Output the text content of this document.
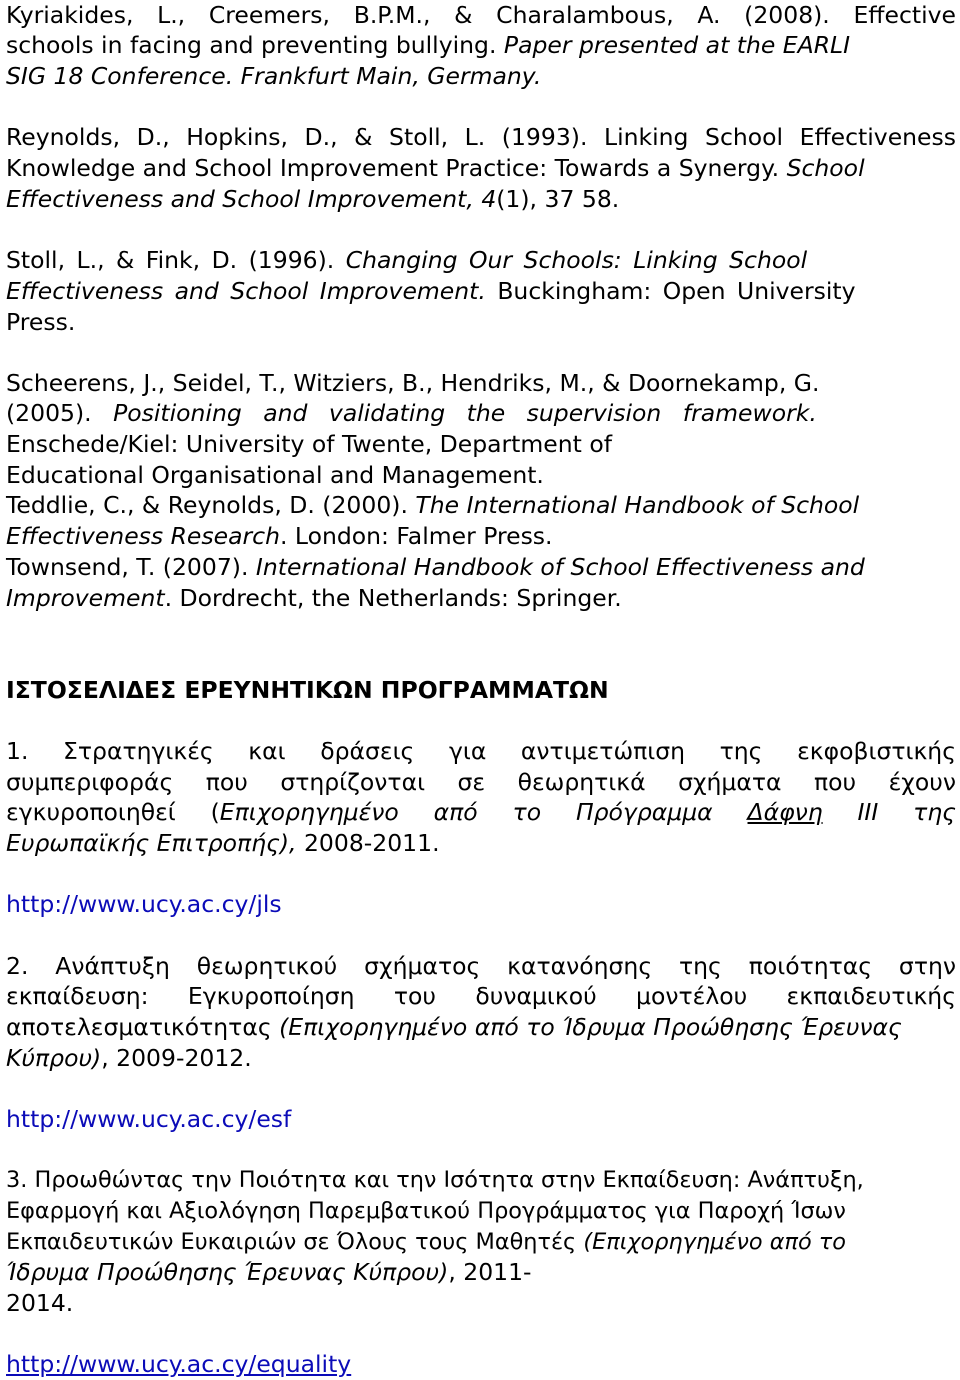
Kyriakides, L., Creemers, B.P.M., & Charalambous, A. (2008). Effective
schools in facing and preventing bullying. Paper presented at the EARLI
SIG 18 Conference. Frankfurt Main, Germany.
Reynolds, D., Hopkins, D., & Stoll, L. (1993). Linking School Effectiveness
Knowledge and School Improvement Practice: Towards a Synergy. School
Effectiveness and School Improvement, 4(1), 37 58.
Stoll, L., & Fink, D. (1996). Changing Our Schools: Linking School
Effectiveness and School Improvement. Buckingham: Open University
Press.
Scheerens, J., Seidel, T., Witziers, B., Hendriks, M., & Doornekamp, G.
(2005). Positioning and validating the supervision framework.
Enschede/Kiel: University of Twente, Department of
Educational Organisational and Management.
Teddlie, C., & Reynolds, D. (2000). The International Handbook of School
Effectiveness Research. London: Falmer Press.
Townsend, T. (2007). International Handbook of School Effectiveness and
Improvement. Dordrecht, the Netherlands: Springer.
ΙΣΤΟΣΕΛΙΔΕΣ ΕΡΕΥΝΗΤΙΚΩΝ ΠΡΟΓΡΑΜΜΑΤΩΝ
1. Στρατηγικές και δράσεις για αντιμετώπιση της εκφοβιστικής
συμπεριφοράς που στηρίζονται σε θεωρητικά σχήματα που έχουν
εγκυροποιηθεί (Επιχορηγημένο από το Πρόγραμμα Δάφνη III της
Ευρωπαϊκής Επιτροπής), 2008-2011.
http://www.ucy.ac.cy/jls
2. Ανάπτυξη θεωρητικού σχήματος κατανόησης της ποιότητας στην
εκπαίδευση: Εγκυροποίηση του δυναμικού μοντέλου εκπαιδευτικής
αποτελεσματικότητας (Επιχορηγημένο από το Ίδρυμα Προώθησης Έρευνας
Κύπρου), 2009-2012.
http://www.ucy.ac.cy/esf
3. Προωθώντας την Ποιότητα και την Ισότητα στην Εκπαίδευση: Ανάπτυξη,
Εφαρμογή και Αξιολόγηση Παρεμβατικού Προγράμματος για Παροχή Ίσων
Εκπαιδευτικών Ευκαιριών σε Όλους τους Μαθητές (Επιχορηγημένο από το
Ίδρυμα Προώθησης Έρευνας Κύπρου), 2011-
2014.
http://www.ucy.ac.cy/equality
